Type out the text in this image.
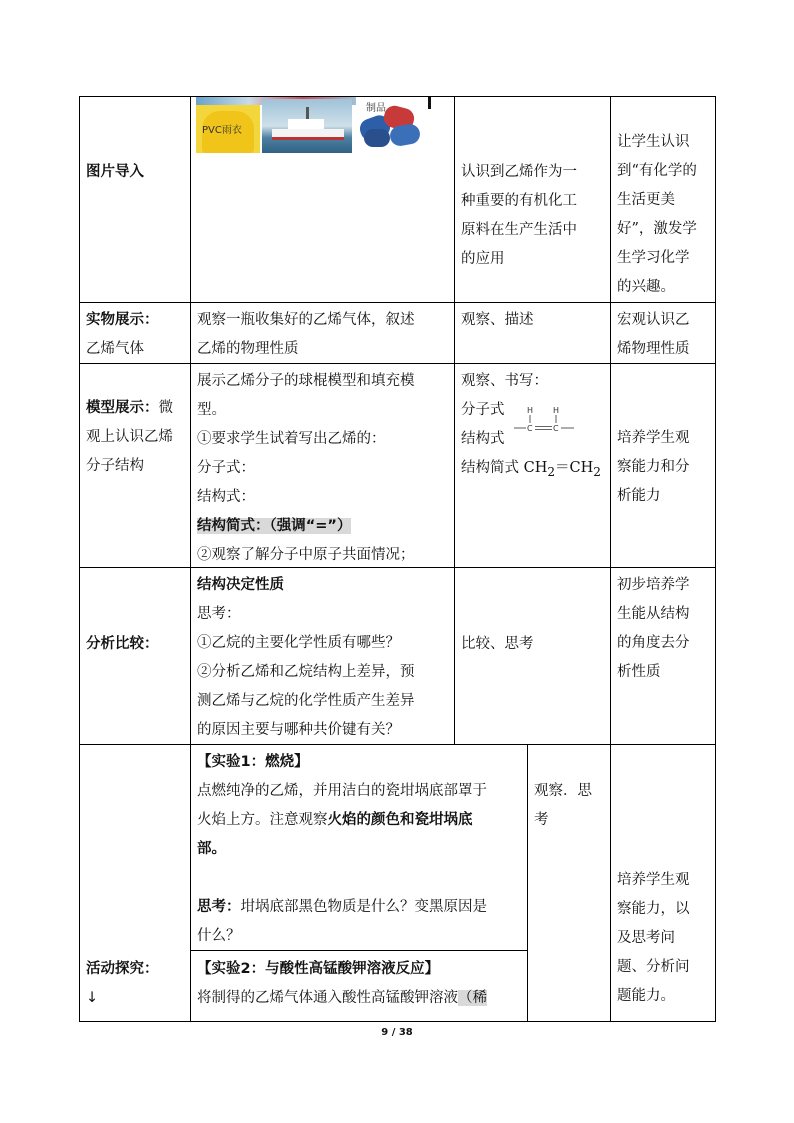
图片导入

PVC雨衣
制品

认识到乙烯作为一

种重要的有机化工

原料在生产生活中

的应用

让学生认识

到“有化学的

生活更美

好”，激发学

生学习化学

的兴趣。

实物展示：

乙烯气体

观察一瓶收集好的乙烯气体，叙述

乙烯的物理性质

观察、描述	宏观认识乙

烯物理性质

模型展示：微

观上认识乙烯

分子结构

展示乙烯分子的球棍模型和填充模

型。

①要求学生试着写出乙烯的：

分子式：

结构式：

结构简式：（强调“=”）

②观察了解分子中原子共面情况；

观察、书写：

分子式

结构式

结构简式 $CH_2=CH_2$

H H
C	C

培养学生观

察能力和分

析能力

分析比较：

结构决定性质

思考：

①乙烷的主要化学性质有哪些？

②分析乙烯和乙烷结构上差异，预

测乙烯与乙烷的化学性质产生差异

的原因主要与哪种共价键有关？

比较、思考

初步培养学

生能从结构

的角度去分

析性质

活动探究：

↓

【实验1：燃烧】

点燃纯净的乙烯，并用洁白的瓷坩埚底部罩于

火焰上方。注意观察火焰的颜色和瓷坩埚底

部。

思考：坩埚底部黑色物质是什么？变黑原因是

什么？

【实验2：与酸性高锰酸钾溶液反应】

将制得的乙烯气体通入酸性高锰酸钾溶液（稀

观察．思

考

培养学生观

察能力，以

及思考问

题、分析问

题能力。

9 / 38
